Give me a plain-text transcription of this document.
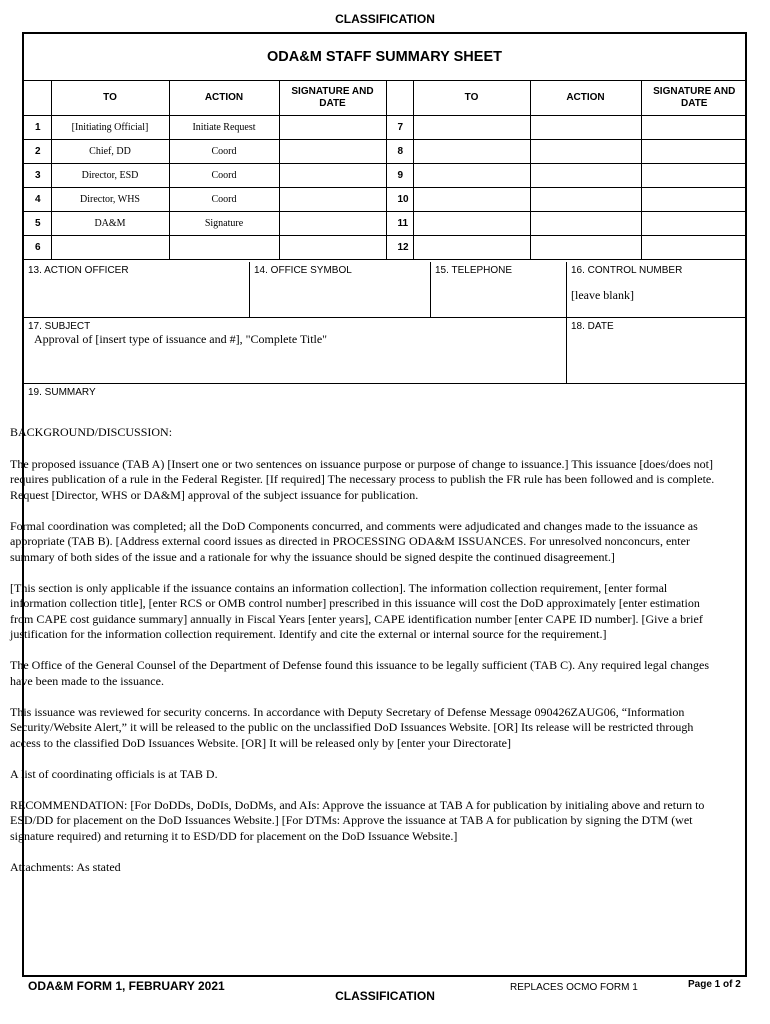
CLASSIFICATION
ODA&M STAFF SUMMARY SHEET
	TO	ACTION	SIGNATURE AND DATE		TO	ACTION	SIGNATURE AND DATE
1	[Initiating Official]	Initiate Request		7			
2	Chief, DD	Coord		8			
3	Director, ESD	Coord		9			
4	Director, WHS	Coord		10			
5	DA&M	Signature		11			
6				12			
13. ACTION OFFICER	14. OFFICE SYMBOL	15. TELEPHONE	16. CONTROL NUMBER
[leave blank]
17. SUBJECT
Approval of [insert type of issuance and #], "Complete Title"
18. DATE
19. SUMMARY

BACKGROUND/DISCUSSION:

The proposed issuance (TAB A) [Insert one or two sentences on issuance purpose or purpose of change to issuance.] This issuance [does/does not] requires publication of a rule in the Federal Register. [If required] The necessary process to publish the FR rule has been followed and is complete. Request [Director, WHS or DA&M] approval of the subject issuance for publication.

Formal coordination was completed; all the DoD Components concurred, and comments were adjudicated and changes made to the issuance as appropriate (TAB B). [Address external coord issues as directed in PROCESSING ODA&M ISSUANCES. For unresolved nonconcurs, enter summary of both sides of the issue and a rationale for why the issuance should be signed despite the continued disagreement.]

[This section is only applicable if the issuance contains an information collection]. The information collection requirement, [enter formal information collection title], [enter RCS or OMB control number] prescribed in this issuance will cost the DoD approximately [enter estimation from CAPE cost guidance summary] annually in Fiscal Years [enter years], CAPE identification number [enter CAPE ID number]. [Give a brief justification for the information collection requirement. Identify and cite the external or internal source for the requirement.]

The Office of the General Counsel of the Department of Defense found this issuance to be legally sufficient (TAB C). Any required legal changes have been made to the issuance.

This issuance was reviewed for security concerns. In accordance with Deputy Secretary of Defense Message 090426ZAUG06, “Information Security/Website Alert,” it will be released to the public on the unclassified DoD Issuances Website. [OR] Its release will be restricted through access to the classified DoD Issuances Website. [OR] It will be released only by [enter your Directorate]

A list of coordinating officials is at TAB D.

RECOMMENDATION: [For DoDDs, DoDIs, DoDMs, and AIs: Approve the issuance at TAB A for publication by initialing above and return to ESD/DD for placement on the DoD Issuances Website.] [For DTMs: Approve the issuance at TAB A for publication by signing the DTM (wet signature required) and returning it to ESD/DD for placement on the DoD Issuance Website.]

Attachments: As stated

ODA&M FORM 1, FEBRUARY 2021
CLASSIFICATION
REPLACES OCMO FORM 1	Page 1 of 2
